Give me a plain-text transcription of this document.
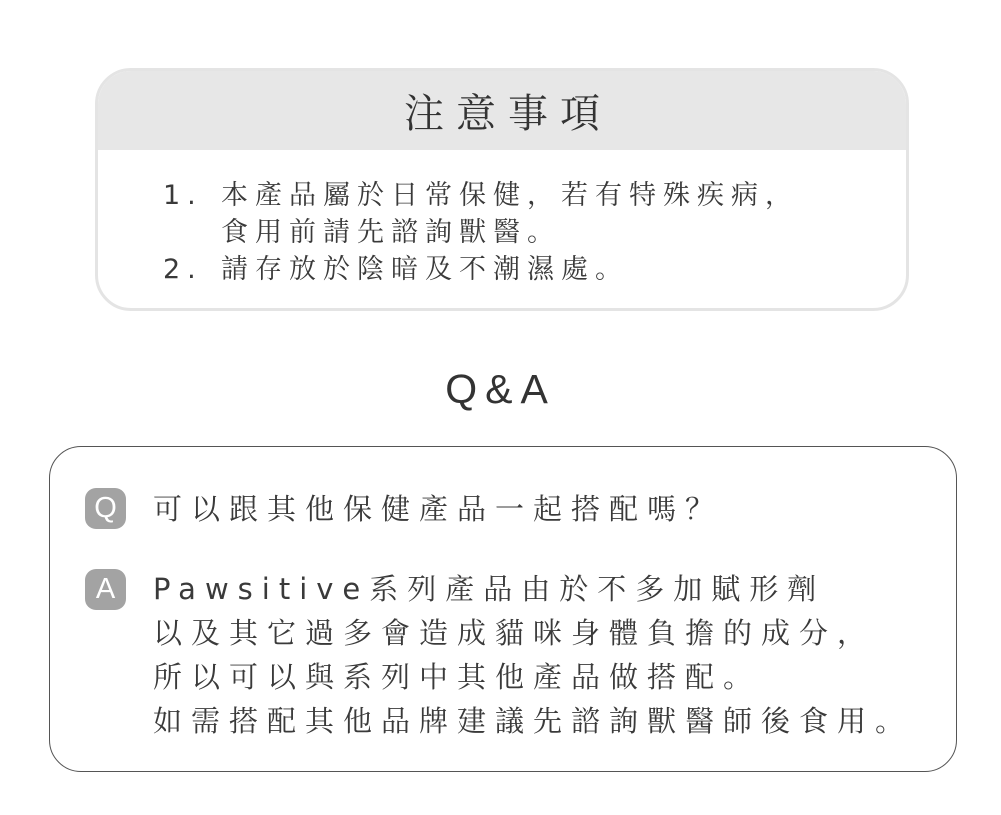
注意事項
1. 本產品屬於日常保健，若有特殊疾病，
食用前請先諮詢獸醫。
2. 請存放於陰暗及不潮濕處。
Q&A
Q	可以跟其他保健產品一起搭配嗎？
A	Pawsitive系列產品由於不多加賦形劑
以及其它過多會造成貓咪身體負擔的成分，
所以可以與系列中其他產品做搭配。
如需搭配其他品牌建議先諮詢獸醫師後食用。
